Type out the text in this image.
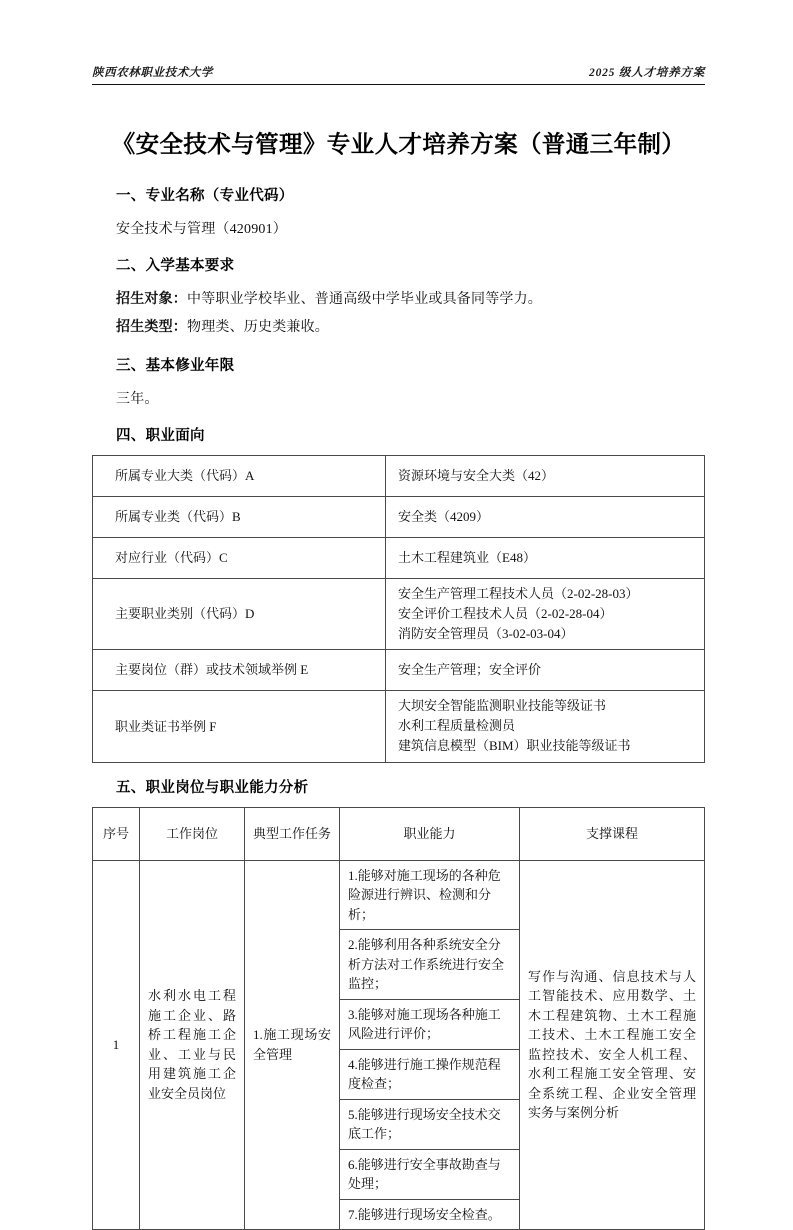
陕西农林职业技术大学	2025 级人才培养方案
《安全技术与管理》专业人才培养方案（普通三年制）
一、专业名称（专业代码）
安全技术与管理（420901）
二、入学基本要求
招生对象：中等职业学校毕业、普通高级中学毕业或具备同等学力。
招生类型：物理类、历史类兼收。
三、基本修业年限
三年。
四、职业面向
所属专业大类（代码）A	资源环境与安全大类（42）
所属专业类（代码）B	安全类（4209）
对应行业（代码）C	土木工程建筑业（E48）
主要职业类别（代码）D	安全生产管理工程技术人员（2-02-28-03）
安全评价工程技术人员（2-02-28-04）
消防安全管理员（3-02-03-04）

主要岗位（群）或技术领域举例 E	安全生产管理；安全评价
职业类证书举例 F	大坝安全智能监测职业技能等级证书
水利工程质量检测员
建筑信息模型（BIM）职业技能等级证书
五、职业岗位与职业能力分析
序号	工作岗位	典型工作任务	职业能力	支撑课程
1	水利水电工程施工企业、路桥工程施工企业、工业与民用建筑施工企业安全员岗位	1.施工现场安全管理	1.能够对施工现场的各种危险源进行辨识、检测和分析；	写作与沟通、信息技术与人工智能技术、应用数学、土木工程建筑物、土木工程施工技术、土木工程施工安全监控技术、安全人机工程、水利工程施工安全管理、安全系统工程、企业安全管理实务与案例分析
			2.能够利用各种系统安全分析方法对工作系统进行安全监控；	
			3.能够对施工现场各种施工风险进行评价；	
			4.能够进行施工操作规范程度检查；	
			5.能够进行现场安全技术交底工作；	
			6.能够进行安全事故勘查与处理；	
			7.能够进行现场安全检查。	
